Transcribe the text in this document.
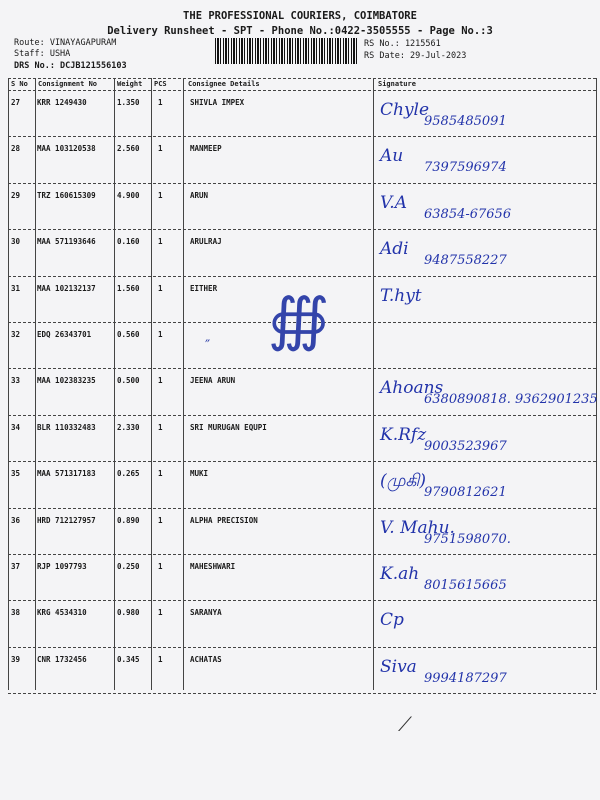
THE PROFESSIONAL COURIERS, COIMBATORE
Delivery Runsheet - SPT - Phone No.:0422-3505555 - Page No.:3
Route: VINAYAGAPURAM
Staff: USHA
DRS No.: DCJB121556103
RS No.: 1215561
RS Date: 29-Jul-2023
S No Consignment No	Weight PCS	Consignee Details	Signature
27 KRR 1249430	1.350 1	SHIVLA IMPEX	Chyle
9585485091
28 MAA 103120538	2.560 1	MANMEEP	Au
7397596974
29 TRZ 160615309	4.900 1	ARUN	V.A
63854-67656
30 MAA 571193646	0.160 1	ARULRAJ	Adi
9487558227
31 MAA 102132137	1.560 1	EITHER	T.hyt
32 EDQ 26343701	0.560 1
33 MAA 102383235	0.500 1	JEENA ARUN	Ahoans
6380890818. 9362901235
34 BLR 110332483	2.330 1	SRI MURUGAN EQUPI	K.Rfz
9003523967
35 MAA 571317183	0.265 1	MUKI	(முகி)
9790812621
36 HRD 712127957	0.890 1	ALPHA PRECISION	V. Mahu.
9751598070.
37 RJP 1097793	0.250 1	MAHESHWARI	K.ah
8015615665
38 KRG 4534310	0.980 1	SARANYA	Cp
39 CNR 1732456	0.345 1	ACHATAS	Siva
9994187297
∰
″
⟋
